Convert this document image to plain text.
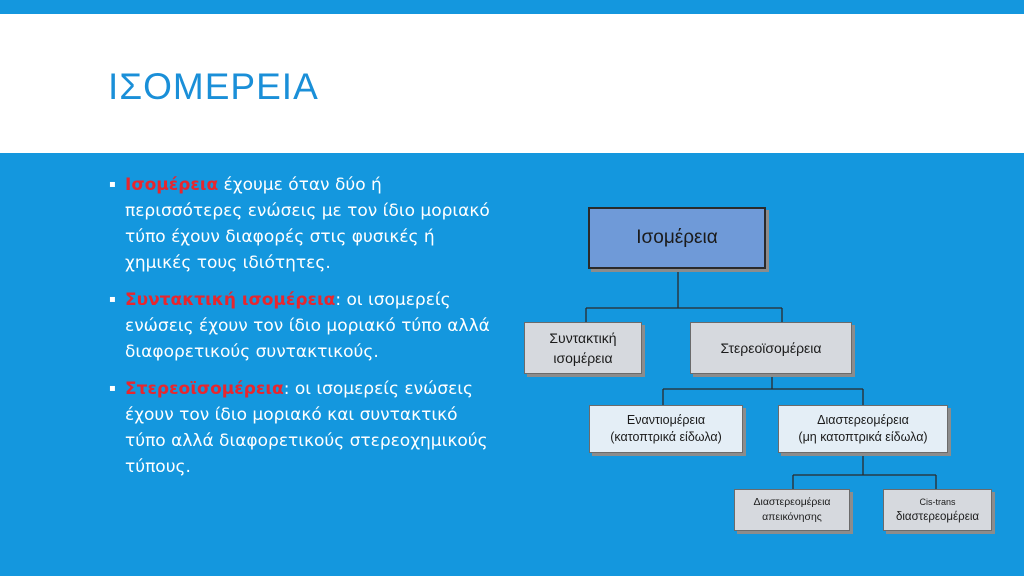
ΙΣΟΜΕΡΕΙΑ
▪ Ισομέρεια έχουμε όταν δύο ή περισσότερες ενώσεις με τον ίδιο μοριακό τύπο έχουν διαφορές στις φυσικές ή χημικές τους ιδιότητες.
▪ Συντακτική ισομέρεια: οι ισομερείς ενώσεις έχουν τον ίδιο μοριακό τύπο αλλά διαφορετικούς συντακτικούς.
▪ Στερεοϊσομέρεια: οι ισομερείς ενώσεις έχουν τον ίδιο μοριακό και συντακτικό τύπο αλλά διαφορετικούς στερεοχημικούς τύπους.
Ισομέρεια
Συντακτική
ισομέρεια
Στερεοϊσομέρεια
Εναντιομέρεια
(κατοπτρικά είδωλα)
Διαστερεομέρεια
(μη κατοπτρικά είδωλα)
Διαστερεομέρεια
απεικόνησης
Cis-trans
διαστερεομέρεια
